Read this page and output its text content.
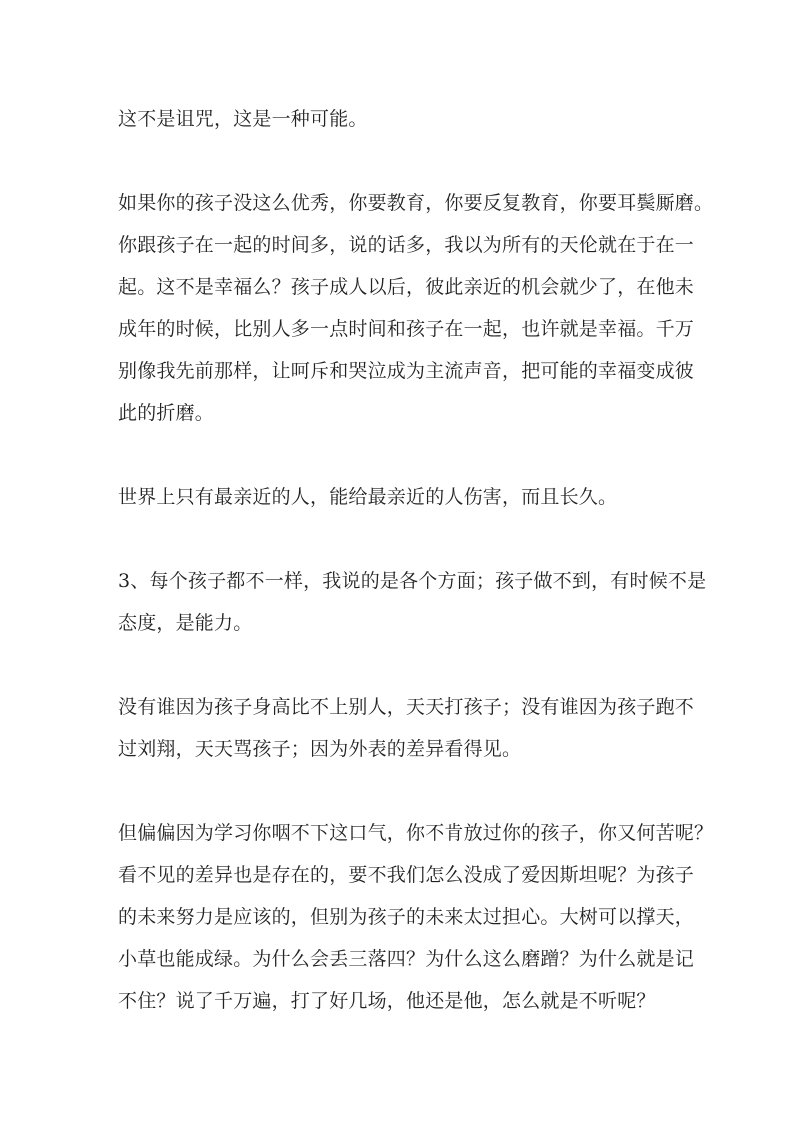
这不是诅咒，这是一种可能。
如果你的孩子没这么优秀，你要教育，你要反复教育，你要耳鬓厮磨。
你跟孩子在一起的时间多，说的话多，我以为所有的天伦就在于在一
起。这不是幸福么？孩子成人以后，彼此亲近的机会就少了，在他未
成年的时候，比别人多一点时间和孩子在一起，也许就是幸福。千万
别像我先前那样，让呵斥和哭泣成为主流声音，把可能的幸福变成彼
此的折磨。
世界上只有最亲近的人，能给最亲近的人伤害，而且长久。
3、每个孩子都不一样，我说的是各个方面；孩子做不到，有时候不是
态度，是能力。
没有谁因为孩子身高比不上别人，天天打孩子；没有谁因为孩子跑不
过刘翔，天天骂孩子；因为外表的差异看得见。
但偏偏因为学习你咽不下这口气，你不肯放过你的孩子，你又何苦呢？
看不见的差异也是存在的，要不我们怎么没成了爱因斯坦呢？为孩子
的未来努力是应该的，但别为孩子的未来太过担心。大树可以撑天，
小草也能成绿。为什么会丢三落四？为什么这么磨蹭？为什么就是记
不住？说了千万遍，打了好几场，他还是他，怎么就是不听呢？
